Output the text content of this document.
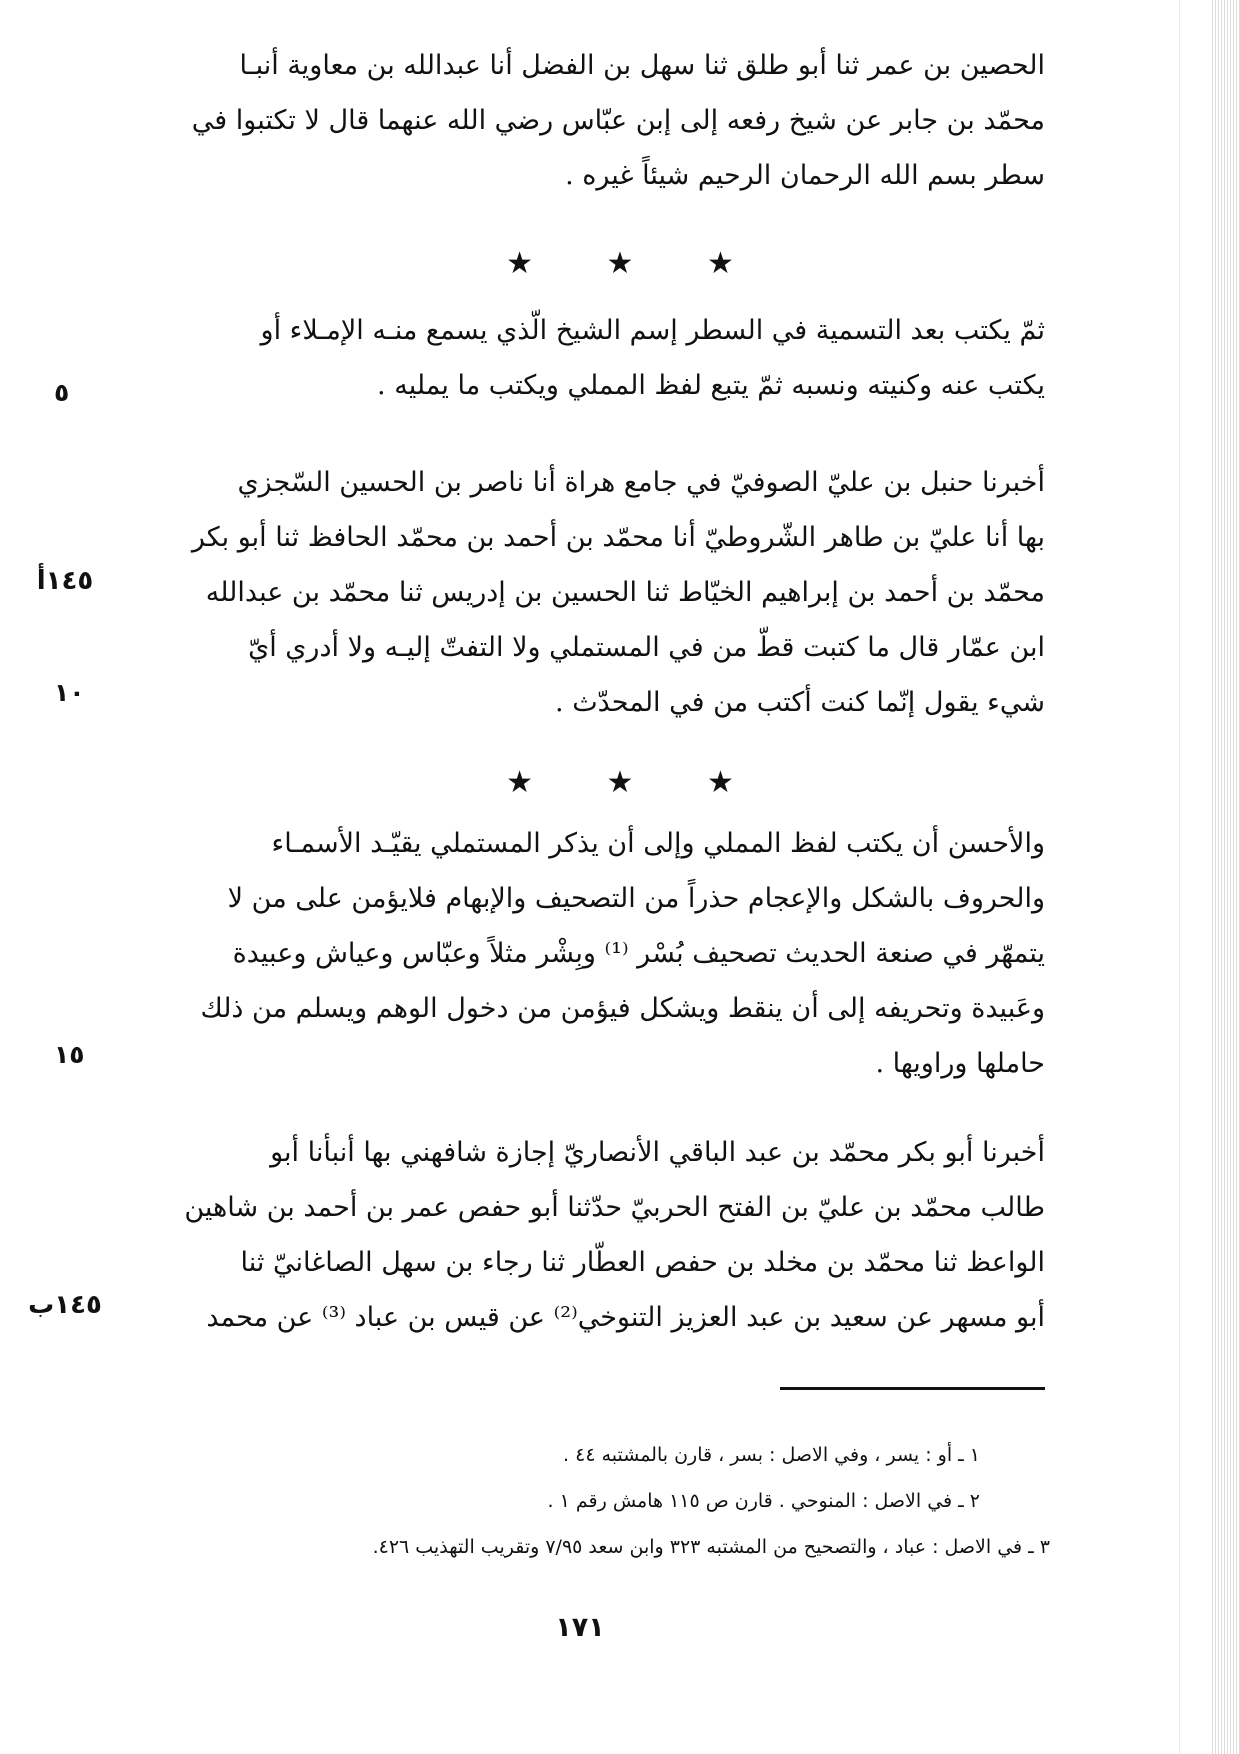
الحصين بن عمر ثنا أبو طلق ثنا سهل بن الفضل أنا عبدالله بن معاوية أنبـا
محمّد بن جابر عن شيخ رفعه إلى إبن عبّاس رضي الله عنهما قال لا تكتبوا في
سطر بسم الله الرحمان الرحيم شيئاً غيره .
★ ★ ★
ثمّ يكتب بعد التسمية في السطر إسم الشيخ الّذي يسمع منـه الإمـلاء أو
يكتب عنه وكنيته ونسبه ثمّ يتبع لفظ المملي ويكتب ما يمليه .
٥
أخبرنا حنبل بن عليّ الصوفيّ في جامع هراة أنا ناصر بن الحسين السّجزي
بها أنا عليّ بن طاهر الشّروطيّ أنا محمّد بن أحمد بن محمّد الحافظ ثنا أبو بكر
محمّد بن أحمد بن إبراهيم الخيّاط ثنا الحسين بن إدريس ثنا محمّد بن عبدالله
ابن عمّار قال ما كتبت قطّ من في المستملي ولا التفتّ إليـه ولا أدري أيّ
شيء يقول إنّما كنت أكتب من في المحدّث .
١٤٥أ
١٠
★ ★ ★
والأحسن أن يكتب لفظ المملي وإلى أن يذكر المستملي يقيّـد الأسمـاء
والحروف بالشكل والإعجام حذراً من التصحيف والإبهام فلايؤمن على من لا
يتمهّر في صنعة الحديث تصحيف بُسْر ⁽¹⁾ وبِشْر مثلاً وعبّاس وعياش وعبيدة
وعَبيدة وتحريفه إلى أن ينقط ويشكل فيؤمن من دخول الوهم ويسلم من ذلك
حاملها وراويها .
١٥
أخبرنا أبو بكر محمّد بن عبد الباقي الأنصاريّ إجازة شافهني بها أنبأنا أبو
طالب محمّد بن عليّ بن الفتح الحربيّ حدّثنا أبو حفص عمر بن أحمد بن شاهين
الواعظ ثنا محمّد بن مخلد بن حفص العطّار ثنا رجاء بن سهل الصاغانيّ ثنا
أبو مسهر عن سعيد بن عبد العزيز التنوخي⁽²⁾ عن قيس بن عباد ⁽³⁾ عن محمد
١٤٥ب
١ ـ أو : يسر ، وفي الاصل : بسر ، قارن بالمشتبه ٤٤ .
٢ ـ في الاصل : المنوحي . قارن ص ١١٥ هامش رقم ١ .
٣ ـ في الاصل : عباد ، والتصحيح من المشتبه ٣٢٣ وابن سعد ٧/٩٥ وتقريب التهذيب ٤٢٦.
١٧١
